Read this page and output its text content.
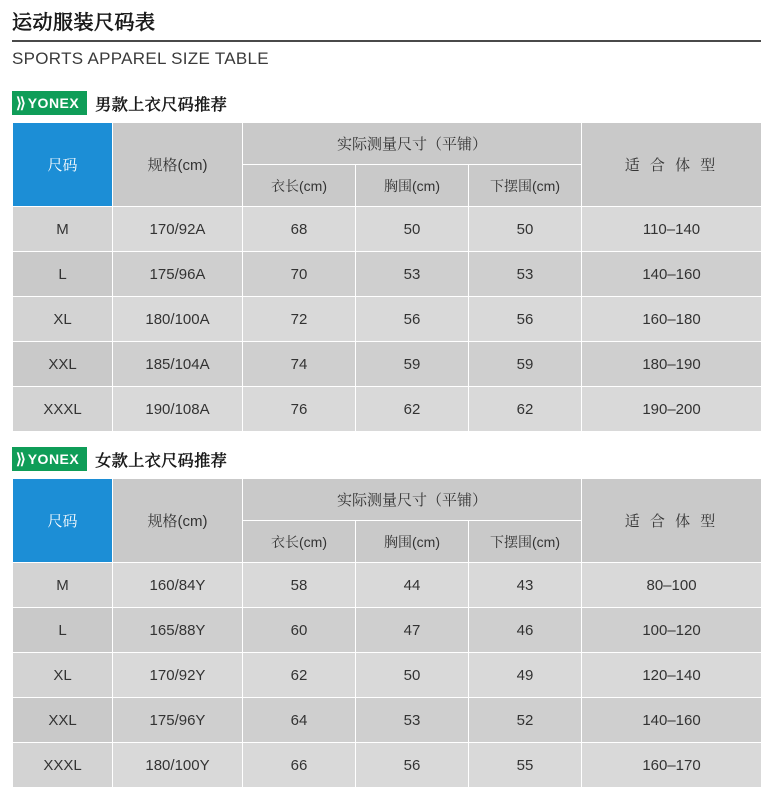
运动服装尺码表
SPORTS APPAREL SIZE TABLE
⟩⟩ YONEX 男款上衣尺码推荐
尺码	规格(cm)	实际测量尺寸（平铺）			适 合 体 型
		衣长(cm)	胸围(cm)	下摆围(cm)	
M	170/92A	68	50	50	110–140
L	175/96A	70	53	53	140–160
XL	180/100A	72	56	56	160–180
XXL	185/104A	74	59	59	180–190
XXXL	190/108A	76	62	62	190–200
⟩⟩ YONEX 女款上衣尺码推荐
尺码	规格(cm)	实际测量尺寸（平铺）			适 合 体 型
		衣长(cm)	胸围(cm)	下摆围(cm)	
M	160/84Y	58	44	43	80–100
L	165/88Y	60	47	46	100–120
XL	170/92Y	62	50	49	120–140
XXL	175/96Y	64	53	52	140–160
XXXL	180/100Y	66	56	55	160–170
